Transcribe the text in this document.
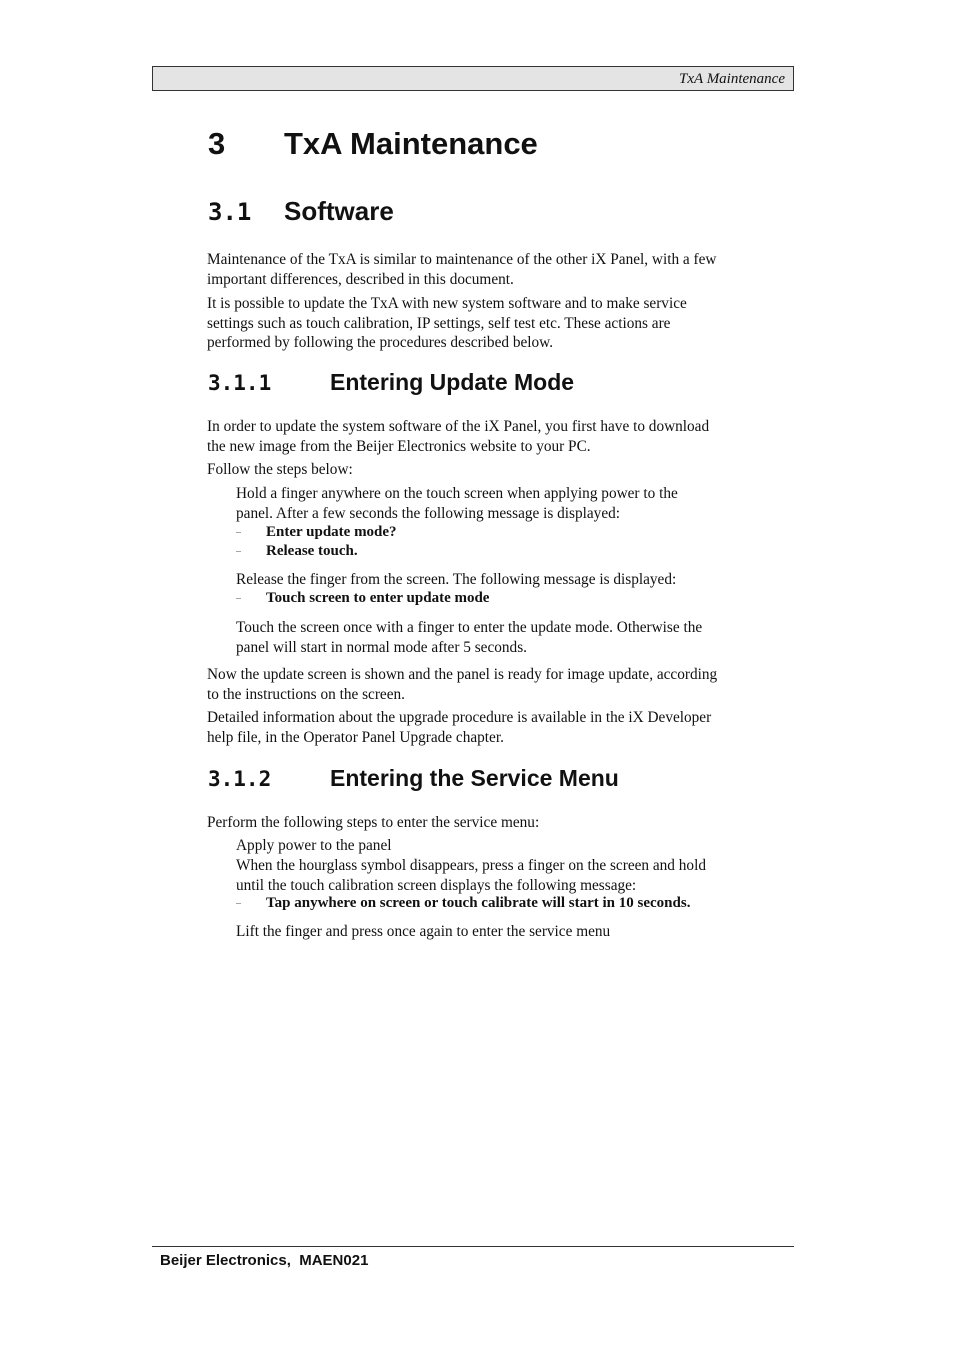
TxA Maintenance
3 TxA Maintenance
3.1 Software

Maintenance of the TxA is similar to maintenance of the other iX Panel, with a few
important differences, described in this document.

It is possible to update the TxA with new system software and to make service
settings such as touch calibration, IP settings, self test etc. These actions are
performed by following the procedures described below.

3.1.1	Entering Update Mode

In order to update the system software of the iX Panel, you first have to download
the new image from the Beijer Electronics website to your PC.

Follow the steps below:

Hold a finger anywhere on the touch screen when applying power to the
panel. After a few seconds the following message is displayed:

– Enter update mode?
– Release touch.

Release the finger from the screen. The following message is displayed:

– Touch screen to enter update mode

Touch the screen once with a finger to enter the update mode. Otherwise the
panel will start in normal mode after 5 seconds.

Now the update screen is shown and the panel is ready for image update, according
to the instructions on the screen.

Detailed information about the upgrade procedure is available in the iX Developer
help file, in the Operator Panel Upgrade chapter.

3.1.2	Entering the Service Menu

Perform the following steps to enter the service menu:

Apply power to the panel

When the hourglass symbol disappears, press a finger on the screen and hold
until the touch calibration screen displays the following message:

– Tap anywhere on screen or touch calibrate will start in 10 seconds.

Lift the finger and press once again to enter the service menu

Beijer Electronics,  MAEN021
